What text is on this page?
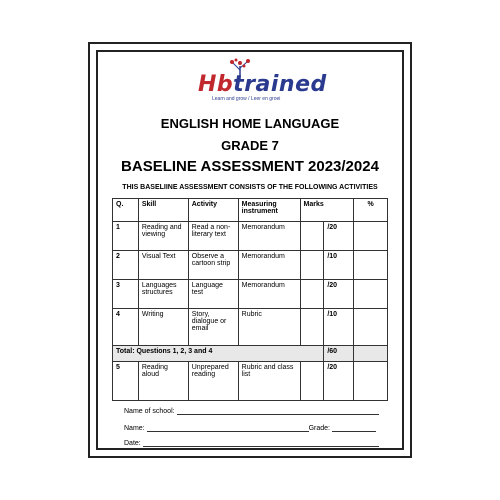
Hbtrained
Learn and grow / Leer en groei
ENGLISH HOME LANGUAGE
GRADE 7
BASELINE ASSESSMENT 2023/2024
THIS BASELIINE ASSESSMENT CONSISTS OF THE FOLLOWING ACTIVITIES
Q.	Skill	Activity	Measuring instrument	Marks		%
1	Reading and viewing	Read a non-literary text	Memorandum		/20	
2	Visual Text	Observe a cartoon strip	Memorandum		/10	
3	Languages structures	Language test	Memorandum		/20	
4	Writing	Story, dialogue or email	Rubric		/10	
Total: Questions 1, 2, 3 and 4					/60	
5	Reading aloud	Unprepared reading	Rubric and class list		/20	
Name of school:
Name:	Grade:
Date:
